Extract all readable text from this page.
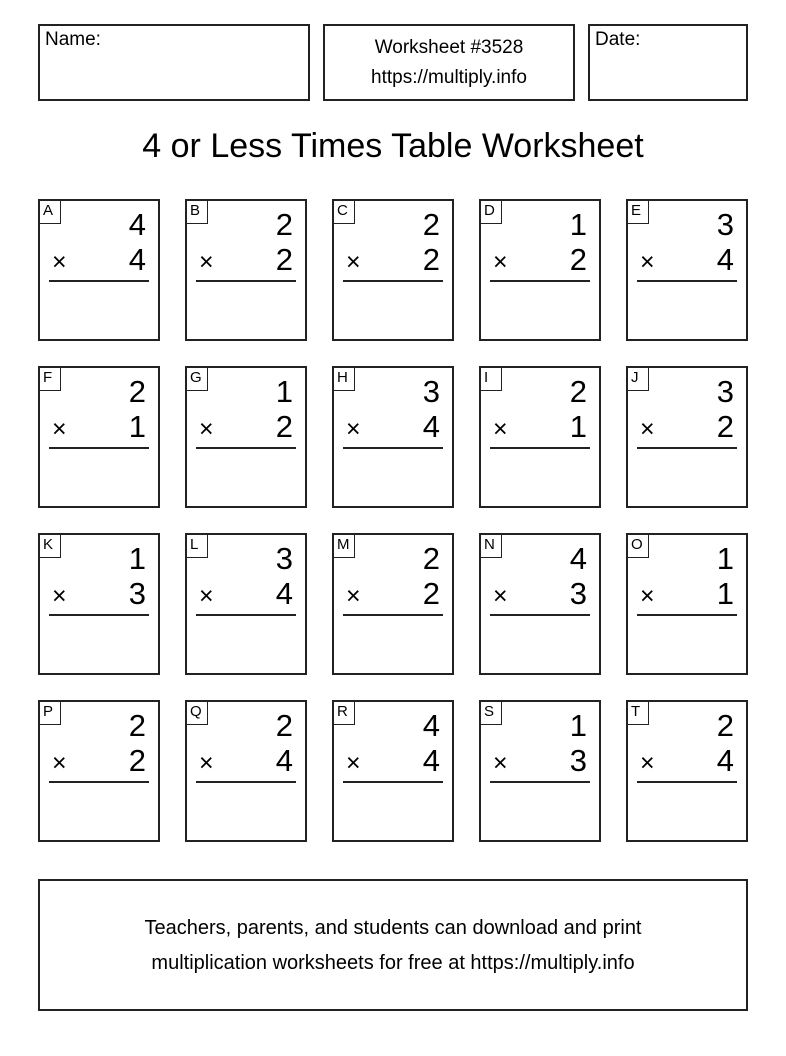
Name:	Worksheet #3528
https://multiply.info
Date:
4 or Less Times Table Worksheet
A 4
× 4
B 2
× 2
C 2
× 2
D 1
× 2
E 3
× 4
F 2
× 1
G 1
× 2
H 3
× 4
I	2
× 1
J	3
× 2
K 1
× 3
L	3
× 4
M 2
× 2
N 4
× 3
O 1
× 1
P 2
× 2
Q 2
× 4
R 4
× 4
S 1
× 3
T 2
× 4
Teachers, parents, and students can download and print
multiplication worksheets for free at https://multiply.info
